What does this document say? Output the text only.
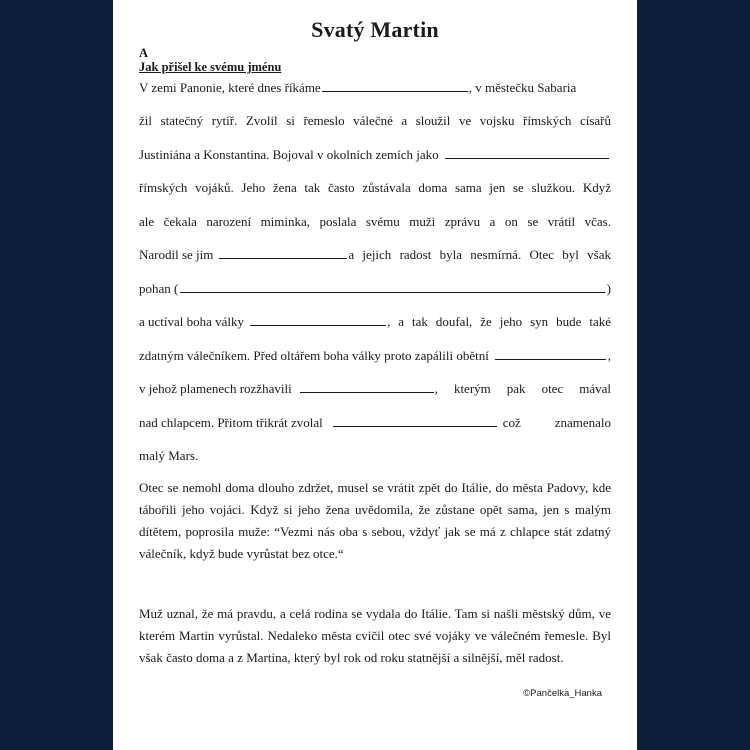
Svatý Martin
A
Jak přišel ke svému jménu
V zemi Panonie, které dnes říkáme	, v městečku Sabaria
žil statečný rytíř. Zvolil si řemeslo válečné a sloužil ve vojsku římských císařů
Justiniána a Konstantina. Bojoval v okolních zemích jako
římských vojáků. Jeho žena tak často zůstávala doma sama jen se služkou. Když
ale čekala narození miminka, poslala svému muži zprávu a on se vrátil včas.
Narodil se jim	a jejich radost byla nesmírná. Otec byl však
pohan (	)
a uctíval boha války	, a tak doufal, že jeho syn bude také
zdatným válečníkem. Před oltářem boha války proto zapálili obětní	,
v jehož plamenech rozžhavili	, kterým pak otec mával
nad chlapcem. Přitom třikrát zvolal	což znamenalo
malý Mars.
Otec se nemohl doma dlouho zdržet, musel se vrátit zpět do Itálie, do města Padovy, kde tábořili jeho vojáci. Když si jeho žena uvědomila, že zůstane opět sama, jen s malým dítětem, poprosila muže: “Vezmi nás oba s sebou, vždyť jak se má z chlapce stát zdatný válečník, když bude vyrůstat bez otce.“
Muž uznal, že má pravdu, a celá rodina se vydala do Itálie. Tam si našli městský dům, ve kterém Martin vyrůstal. Nedaleko města cvičil otec své vojáky ve válečném řemesle. Byl však často doma a z Martina, který byl rok od roku statnější a silnější, měl radost.
©Pančelka_Hanka
